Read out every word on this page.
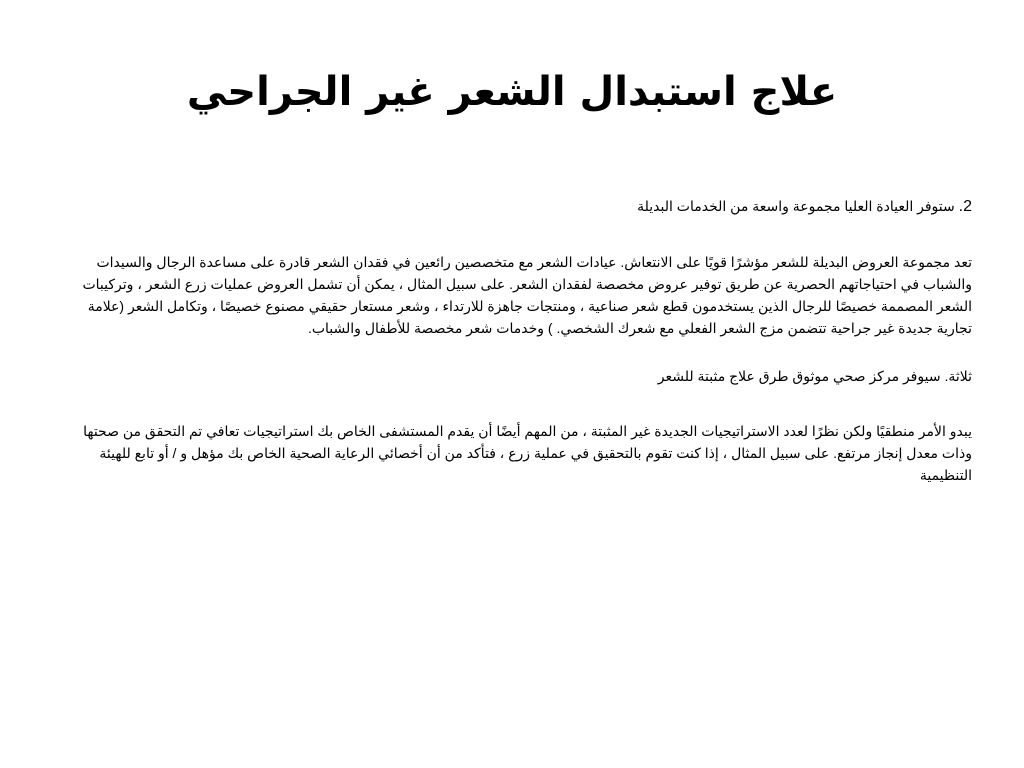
علاج استبدال الشعر غير الجراحي

2. ستوفر العيادة العليا مجموعة واسعة من الخدمات البديلة

تعد مجموعة العروض البديلة للشعر مؤشرًا قويًا على الانتعاش. عيادات الشعر مع متخصصين رائعين في فقدان الشعر قادرة على مساعدة الرجال والسيدات والشباب في احتياجاتهم الحصرية عن طريق توفير عروض مخصصة لفقدان الشعر. على سبيل المثال ، يمكن أن تشمل العروض عمليات زرع الشعر ، وتركيبات الشعر المصممة خصيصًا للرجال الذين يستخدمون قطع شعر صناعية ، ومنتجات جاهزة للارتداء ، وشعر مستعار حقيقي مصنوع خصيصًا ، وتكامل الشعر (علامة تجارية جديدة غير جراحية تتضمن مزج الشعر الفعلي مع شعرك الشخصي. ) وخدمات شعر مخصصة للأطفال والشباب.

ثلاثة. سيوفر مركز صحي موثوق طرق علاج مثبتة للشعر

يبدو الأمر منطقيًا ولكن نظرًا لعدد الاستراتيجيات الجديدة غير المثبتة ، من المهم أيضًا أن يقدم المستشفى الخاص بك استراتيجيات تعافي تم التحقق من صحتها وذات معدل إنجاز مرتفع. على سبيل المثال ، إذا كنت تقوم بالتحقيق في عملية زرع ، فتأكد من أن أخصائي الرعاية الصحية الخاص بك مؤهل و / أو تابع للهيئة التنظيمية
